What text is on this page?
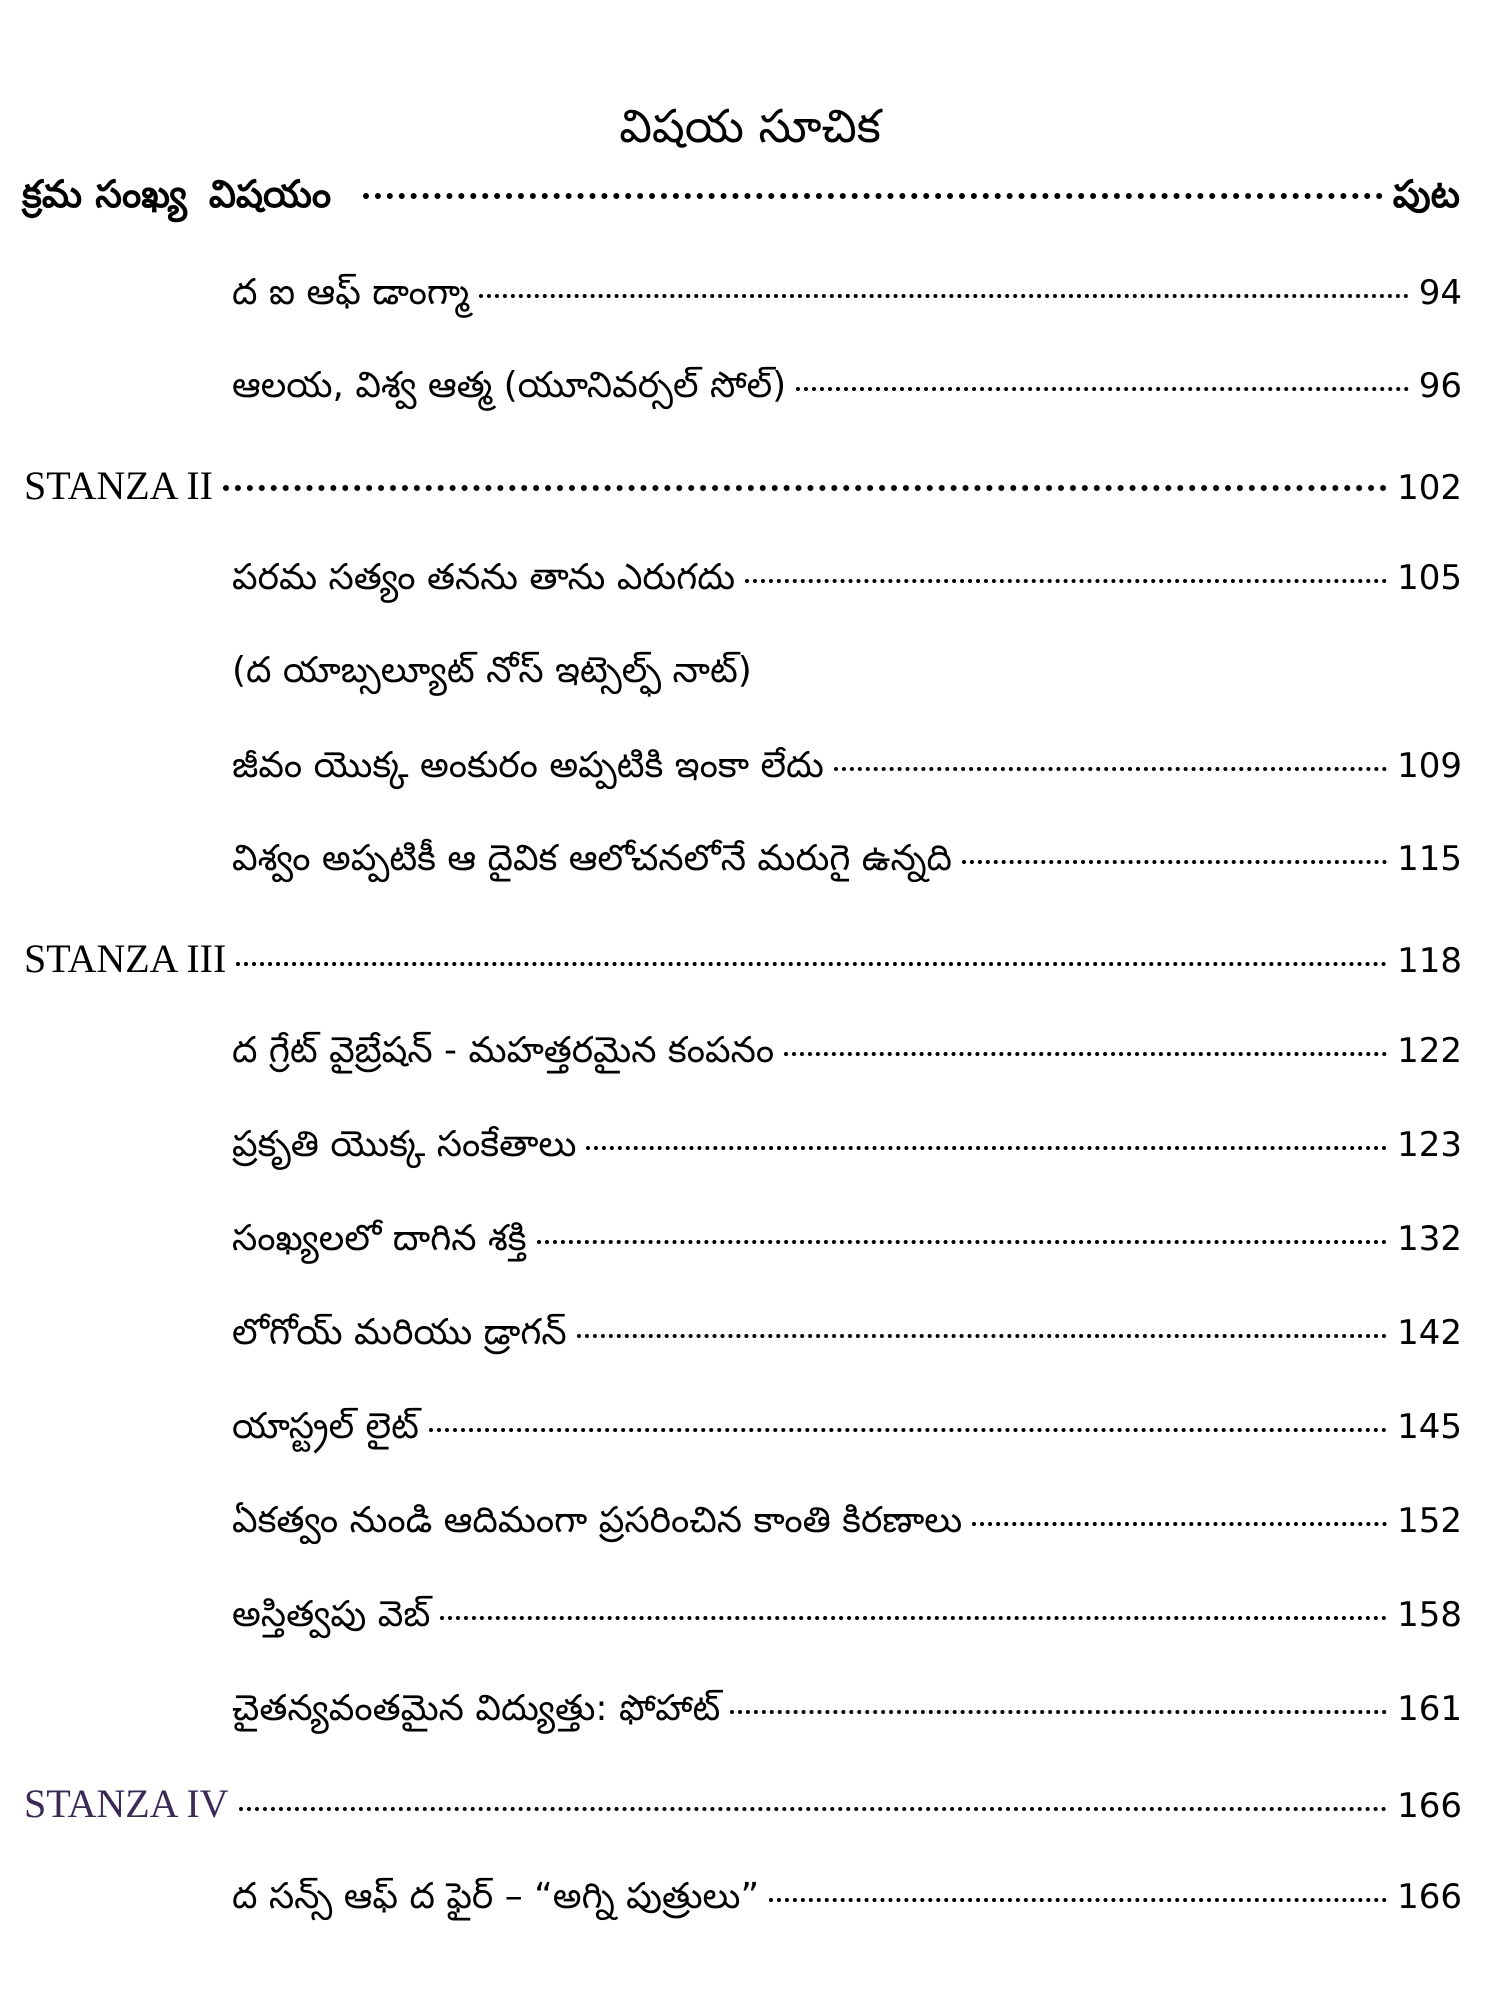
విషయ సూచిక
క్రమ సంఖ్య విషయం	పుట
ద ఐ ఆఫ్ డాంగ్మా	94
ఆలయ, విశ్వ ఆత్మ (యూనివర్సల్ సోల్)	96
STANZA II	102
పరమ సత్యం తనను తాను ఎరుగదు	105
(ద యాబ్సల్యూట్ నోస్ ఇట్సెల్ఫ్ నాట్)
జీవం యొక్క అంకురం అప్పటికి ఇంకా లేదు	109
విశ్వం అప్పటికీ ఆ దైవిక ఆలోచనలోనే మరుగై ఉన్నది	115
STANZA III	118
ద గ్రేట్ వైబ్రేషన్ - మహత్తరమైన కంపనం	122
ప్రకృతి యొక్క సంకేతాలు	123
సంఖ్యలలో దాగిన శక్తి	132
లోగోయ్ మరియు డ్రాగన్	142
యాస్ట్రల్ లైట్	145
ఏకత్వం నుండి ఆదిమంగా ప్రసరించిన కాంతి కిరణాలు	152
అస్తిత్వపు వెబ్	158
చైతన్యవంతమైన విద్యుత్తు: ఫోహాట్	161
STANZA IV	166
ద సన్స్ ఆఫ్ ద ఫైర్ – “అగ్ని పుత్రులు”	166
